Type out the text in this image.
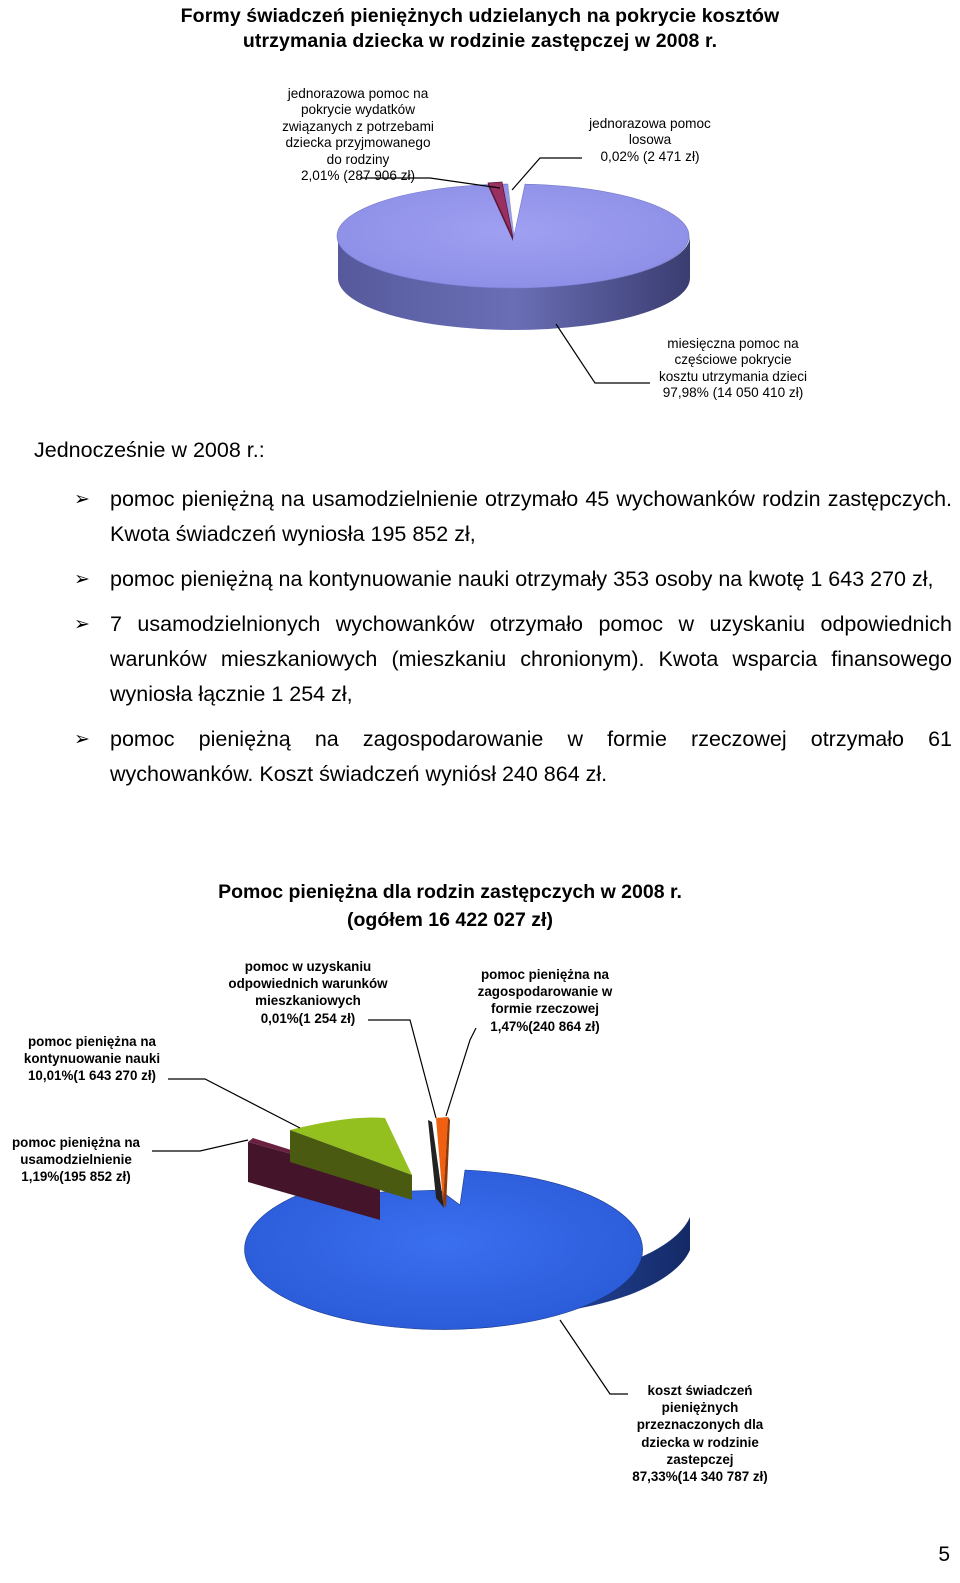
Formy świadczeń pieniężnych udzielanych na pokrycie kosztów
utrzymania dziecka w rodzinie zastępczej w 2008 r.
jednorazowa pomoc na
pokrycie wydatków
związanych z potrzebami
dziecka przyjmowanego
do rodziny
2,01% (287 906 zł)
jednorazowa pomoc
losowa
0,02% (2 471 zł)
miesięczna pomoc na
częściowe pokrycie
kosztu utrzymania dzieci
97,98% (14 050 410 zł)
Jednocześnie w 2008 r.:
➢ pomoc pieniężną na usamodzielnienie otrzymało 45 wychowanków rodzin zastępczych. Kwota świadczeń wyniosła 195 852 zł,
➢ pomoc pieniężną na kontynuowanie nauki otrzymały 353 osoby na kwotę 1 643 270 zł,
➢ 7 usamodzielnionych wychowanków otrzymało pomoc w uzyskaniu odpowiednich warunków mieszkaniowych (mieszkaniu chronionym). Kwota wsparcia finansowego wyniosła łącznie 1 254 zł,
➢ pomoc pieniężną na zagospodarowanie w formie rzeczowej otrzymało 61 wychowanków. Koszt świadczeń wyniósł 240 864 zł.
Pomoc pieniężna dla rodzin zastępczych w 2008 r.
(ogółem 16 422 027 zł)
pomoc w uzyskaniu
odpowiednich warunków
mieszkaniowych
0,01%(1 254 zł)
pomoc pieniężna na
zagospodarowanie w
formie rzeczowej
1,47%(240 864 zł)
pomoc pieniężna na
kontynuowanie nauki
10,01%(1 643 270 zł)
pomoc pieniężna na
usamodzielnienie
1,19%(195 852 zł)
koszt świadczeń
pieniężnych
przeznaczonych dla
dziecka w rodzinie
zastepczej
87,33%(14 340 787 zł)
5
